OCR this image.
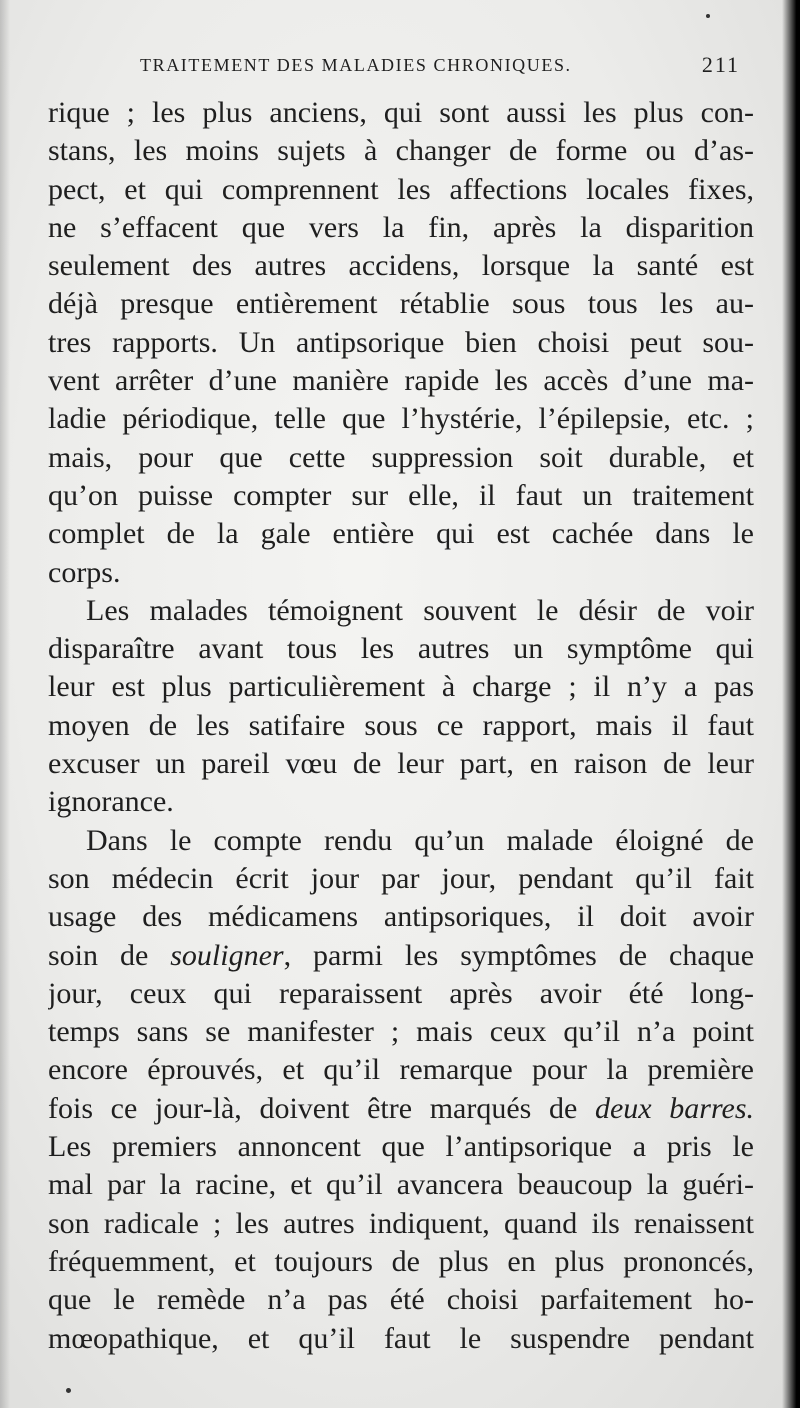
TRAITEMENT DES MALADIES CHRONIQUES.	211
rique ; les plus anciens, qui sont aussi les plus con-
stans, les moins sujets à changer de forme ou d’as-
pect, et qui comprennent les affections locales fixes,
ne s’effacent que vers la fin, après la disparition
seulement des autres accidens, lorsque la santé est
déjà presque entièrement rétablie sous tous les au-
tres rapports. Un antipsorique bien choisi peut sou-
vent arrêter d’une manière rapide les accès d’une ma-
ladie périodique, telle que l’hystérie, l’épilepsie, etc. ;
mais, pour que cette suppression soit durable, et
qu’on puisse compter sur elle, il faut un traitement
complet de la gale entière qui est cachée dans le
corps.
Les malades témoignent souvent le désir de voir
disparaître avant tous les autres un symptôme qui
leur est plus particulièrement à charge ; il n’y a pas
moyen de les satifaire sous ce rapport, mais il faut
excuser un pareil vœu de leur part, en raison de leur
ignorance.
Dans le compte rendu qu’un malade éloigné de
son médecin écrit jour par jour, pendant qu’il fait
usage des médicamens antipsoriques, il doit avoir
soin de souligner, parmi les symptômes de chaque
jour, ceux qui reparaissent après avoir été long-
temps sans se manifester ; mais ceux qu’il n’a point
encore éprouvés, et qu’il remarque pour la première
fois ce jour-là, doivent être marqués de deux barres.
Les premiers annoncent que l’antipsorique a pris le
mal par la racine, et qu’il avancera beaucoup la guéri-
son radicale ; les autres indiquent, quand ils renaissent
fréquemment, et toujours de plus en plus prononcés,
que le remède n’a pas été choisi parfaitement ho-
mœopathique, et qu’il faut le suspendre pendant
